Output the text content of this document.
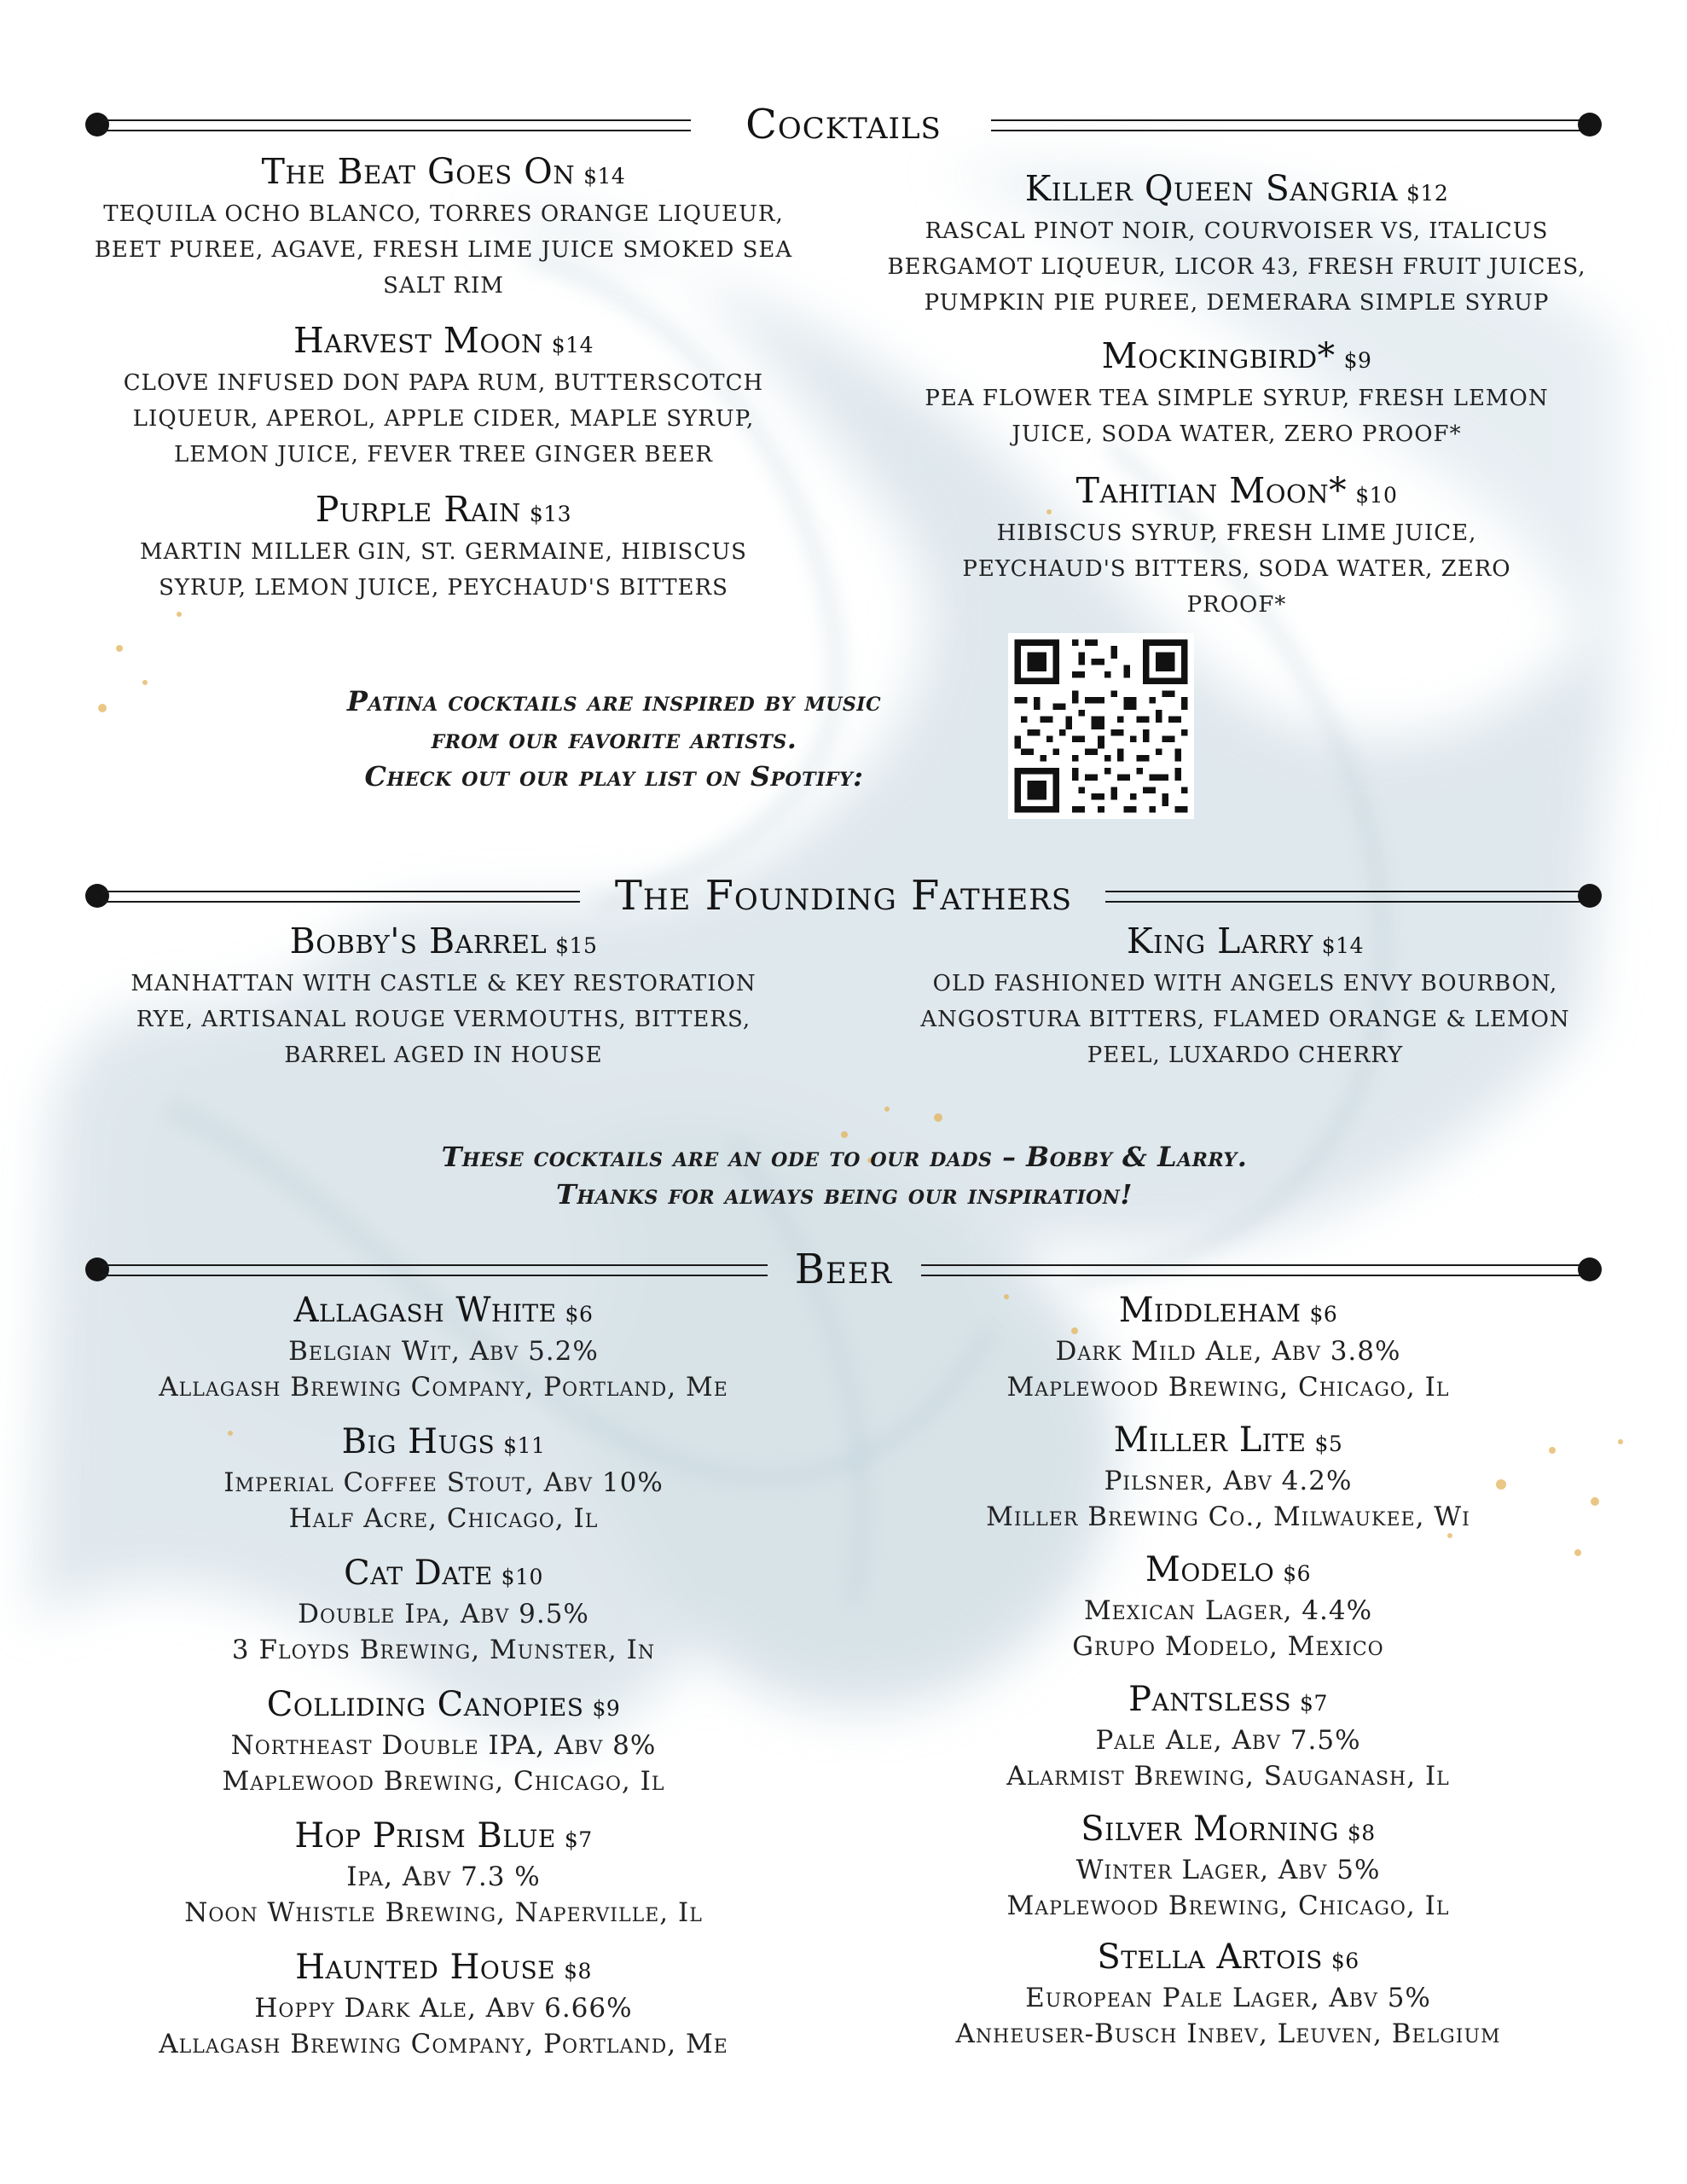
Cocktails
The Beat Goes On $14
TEQUILA OCHO BLANCO, TORRES ORANGE LIQUEUR, BEET PUREE, AGAVE, FRESH LIME JUICE SMOKED SEA SALT RIM
Harvest Moon $14
CLOVE INFUSED DON PAPA RUM, BUTTERSCOTCH LIQUEUR, APEROL, APPLE CIDER, MAPLE SYRUP, LEMON JUICE, FEVER TREE GINGER BEER
Purple Rain $13
MARTIN MILLER GIN, ST. GERMAINE, HIBISCUS SYRUP, LEMON JUICE, PEYCHAUD'S BITTERS
Killer Queen Sangria $12
RASCAL PINOT NOIR, COURVOISER VS, ITALICUS BERGAMOT LIQUEUR, LICOR 43, FRESH FRUIT JUICES, PUMPKIN PIE PUREE, DEMERARA SIMPLE SYRUP
Mockingbird* $9
PEA FLOWER TEA SIMPLE SYRUP, FRESH LEMON JUICE, SODA WATER, ZERO PROOF*
Tahitian Moon* $10
HIBISCUS SYRUP, FRESH LIME JUICE, PEYCHAUD'S BITTERS, SODA WATER, ZERO PROOF*
Patina cocktails are inspired by music
from our favorite artists.
Check out our play list on Spotify:
The Founding Fathers
Bobby's Barrel $15
MANHATTAN WITH CASTLE & KEY RESTORATION RYE, ARTISANAL ROUGE VERMOUTHS, BITTERS, BARREL AGED IN HOUSE
King Larry $14
OLD FASHIONED WITH ANGELS ENVY BOURBON, ANGOSTURA BITTERS, FLAMED ORANGE & LEMON PEEL, LUXARDO CHERRY
These cocktails are an ode to our dads – Bobby & Larry.
Thanks for always being our inspiration!
Beer
Allagash White $6
Belgian Wit, Abv 5.2%
Allagash Brewing Company, Portland, Me
Big Hugs $11
Imperial Coffee Stout, Abv 10%
Half Acre, Chicago, Il
Cat Date $10
Double Ipa, Abv 9.5%
3 Floyds Brewing, Munster, In
Colliding Canopies $9
Northeast Double IPA, Abv 8%
Maplewood Brewing, Chicago, Il
Hop Prism Blue $7
Ipa, Abv 7.3 %
Noon Whistle Brewing, Naperville, Il
Haunted House $8
Hoppy Dark Ale, Abv 6.66%
Allagash Brewing Company, Portland, Me
Middleham $6
Dark Mild Ale, Abv 3.8%
Maplewood Brewing, Chicago, Il
Miller Lite $5
Pilsner, Abv 4.2%
Miller Brewing Co., Milwaukee, Wi
Modelo $6
Mexican Lager, 4.4%
Grupo Modelo, Mexico
Pantsless $7
Pale Ale, Abv 7.5%
Alarmist Brewing, Sauganash, Il
Silver Morning $8
Winter Lager, Abv 5%
Maplewood Brewing, Chicago, Il
Stella Artois $6
European Pale Lager, Abv 5%
Anheuser-Busch Inbev, Leuven, Belgium
